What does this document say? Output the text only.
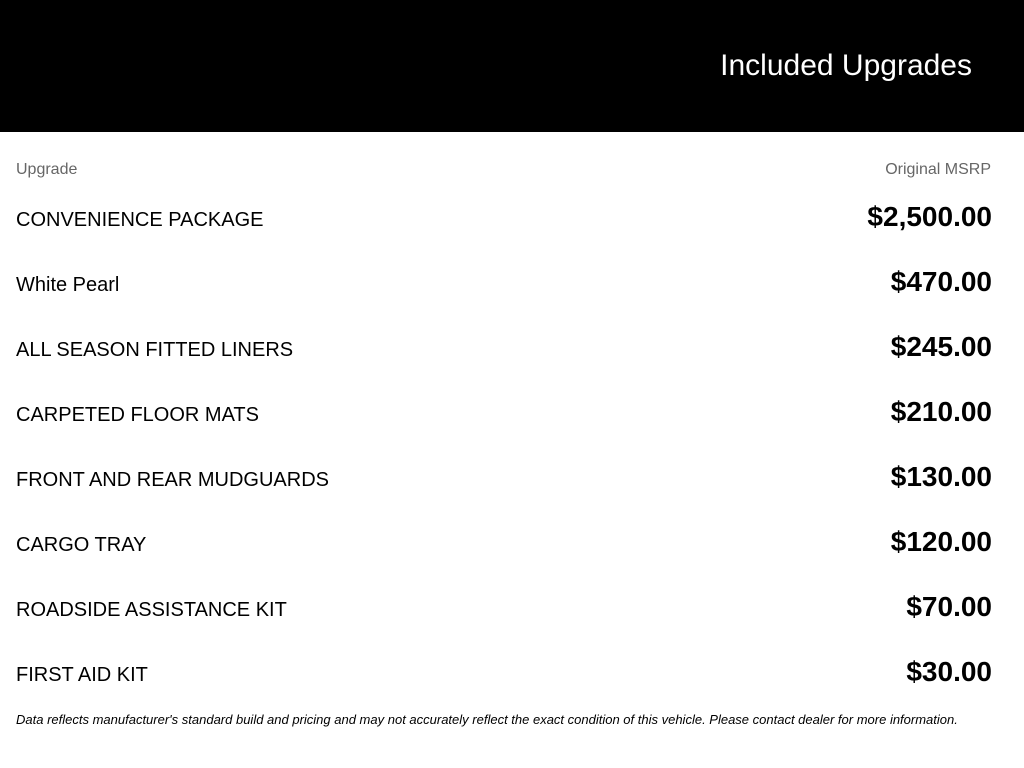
Included Upgrades
Upgrade	Original MSRP
CONVENIENCE PACKAGE	$2,500.00
White Pearl	$470.00
ALL SEASON FITTED LINERS	$245.00
CARPETED FLOOR MATS	$210.00
FRONT AND REAR MUDGUARDS	$130.00
CARGO TRAY	$120.00
ROADSIDE ASSISTANCE KIT	$70.00
FIRST AID KIT	$30.00
Data reflects manufacturer's standard build and pricing and may not accurately reflect the exact condition of this vehicle. Please contact dealer for more information.
